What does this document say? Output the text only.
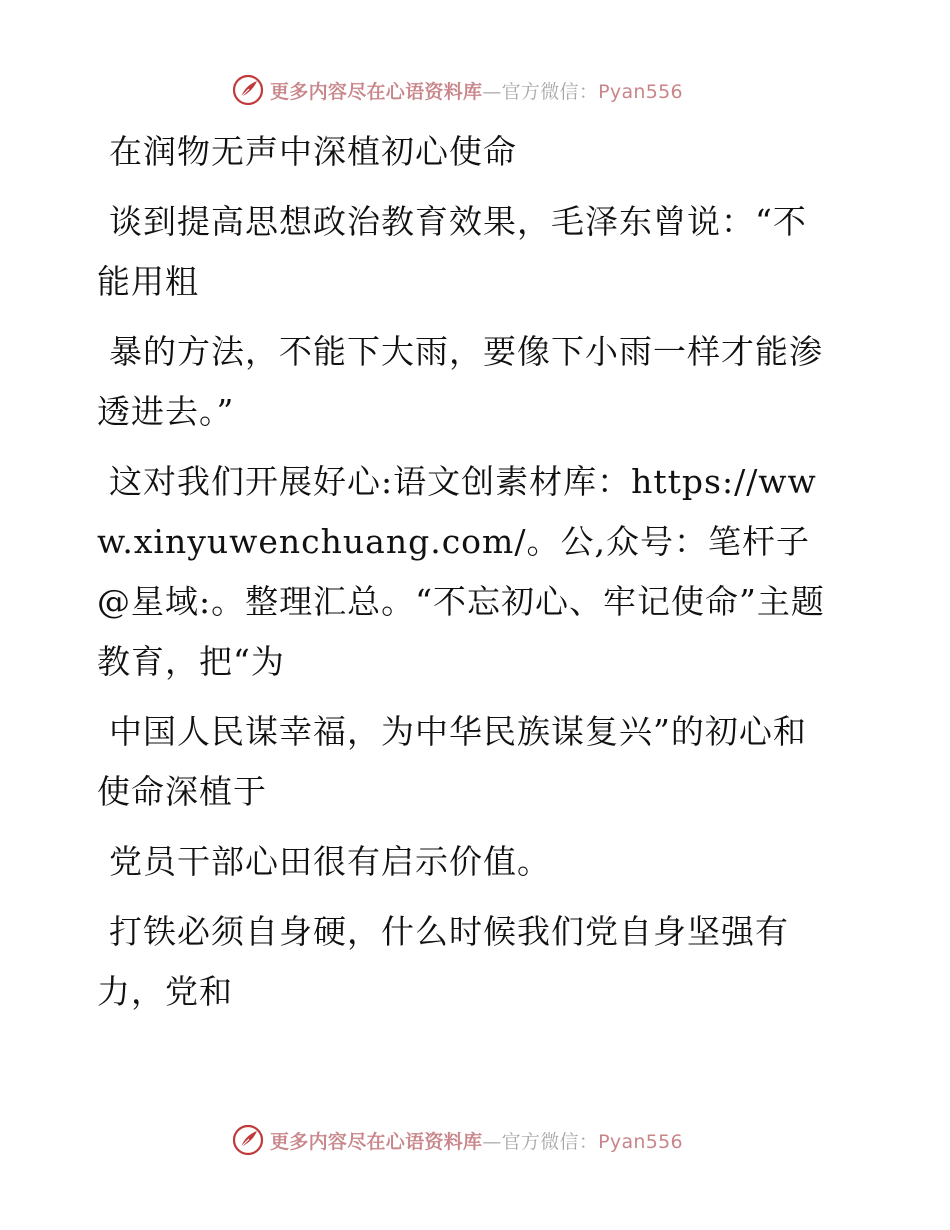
更多内容尽在心语资料库—官方微信：Pyan556

在润物无声中深植初心使命

谈到提高思想政治教育效果，毛泽东曾说：“不能用粗

暴的方法，不能下大雨，要像下小雨一样才能渗透进去。”

这对我们开展好心:语文创素材库：https://www.xinyuwenchuang.com/。公,众号：笔杆子@星域:。整理汇总。“不忘初心、牢记使命”主题教育，把“为

中国人民谋幸福，为中华民族谋复兴”的初心和使命深植于

党员干部心田很有启示价值。

打铁必须自身硬，什么时候我们党自身坚强有力，党和

更多内容尽在心语资料库—官方微信：Pyan556
